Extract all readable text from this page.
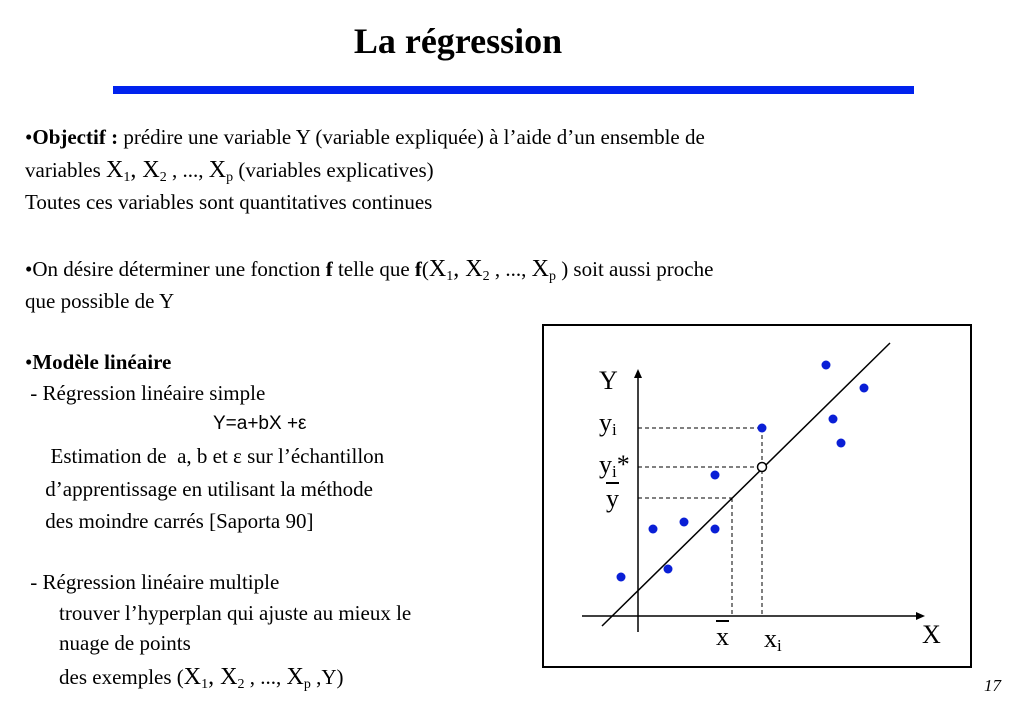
La régression
•Objectif : prédire une variable Y (variable expliquée) à l’aide d’un ensemble de
variables $X_1$, $X_2$ , ..., $X_p$ (variables explicatives)
Toutes ces variables sont quantitatives continues
•On désire déterminer une fonction f telle que $f(X_1$, $X_2$ , ..., $X_p$ ) soit aussi proche
que possible de Y
•Modèle linéaire
- Régression linéaire simple
Y=a+bX +ε
Estimation de  a, b et ε sur l’échantillon
d’apprentissage en utilisant la méthode
des moindre carrés [Saporta 90]
- Régression linéaire multiple
trouver l’hyperplan qui ajuste au mieux le
nuage de points
des exemples ($X_1$, $X_2$ , ..., $X_p$ ,Y)
Y
$y_i$
$y_i*$
$\overline{y}$
$\overline{x}$ $x_i$	X
17
